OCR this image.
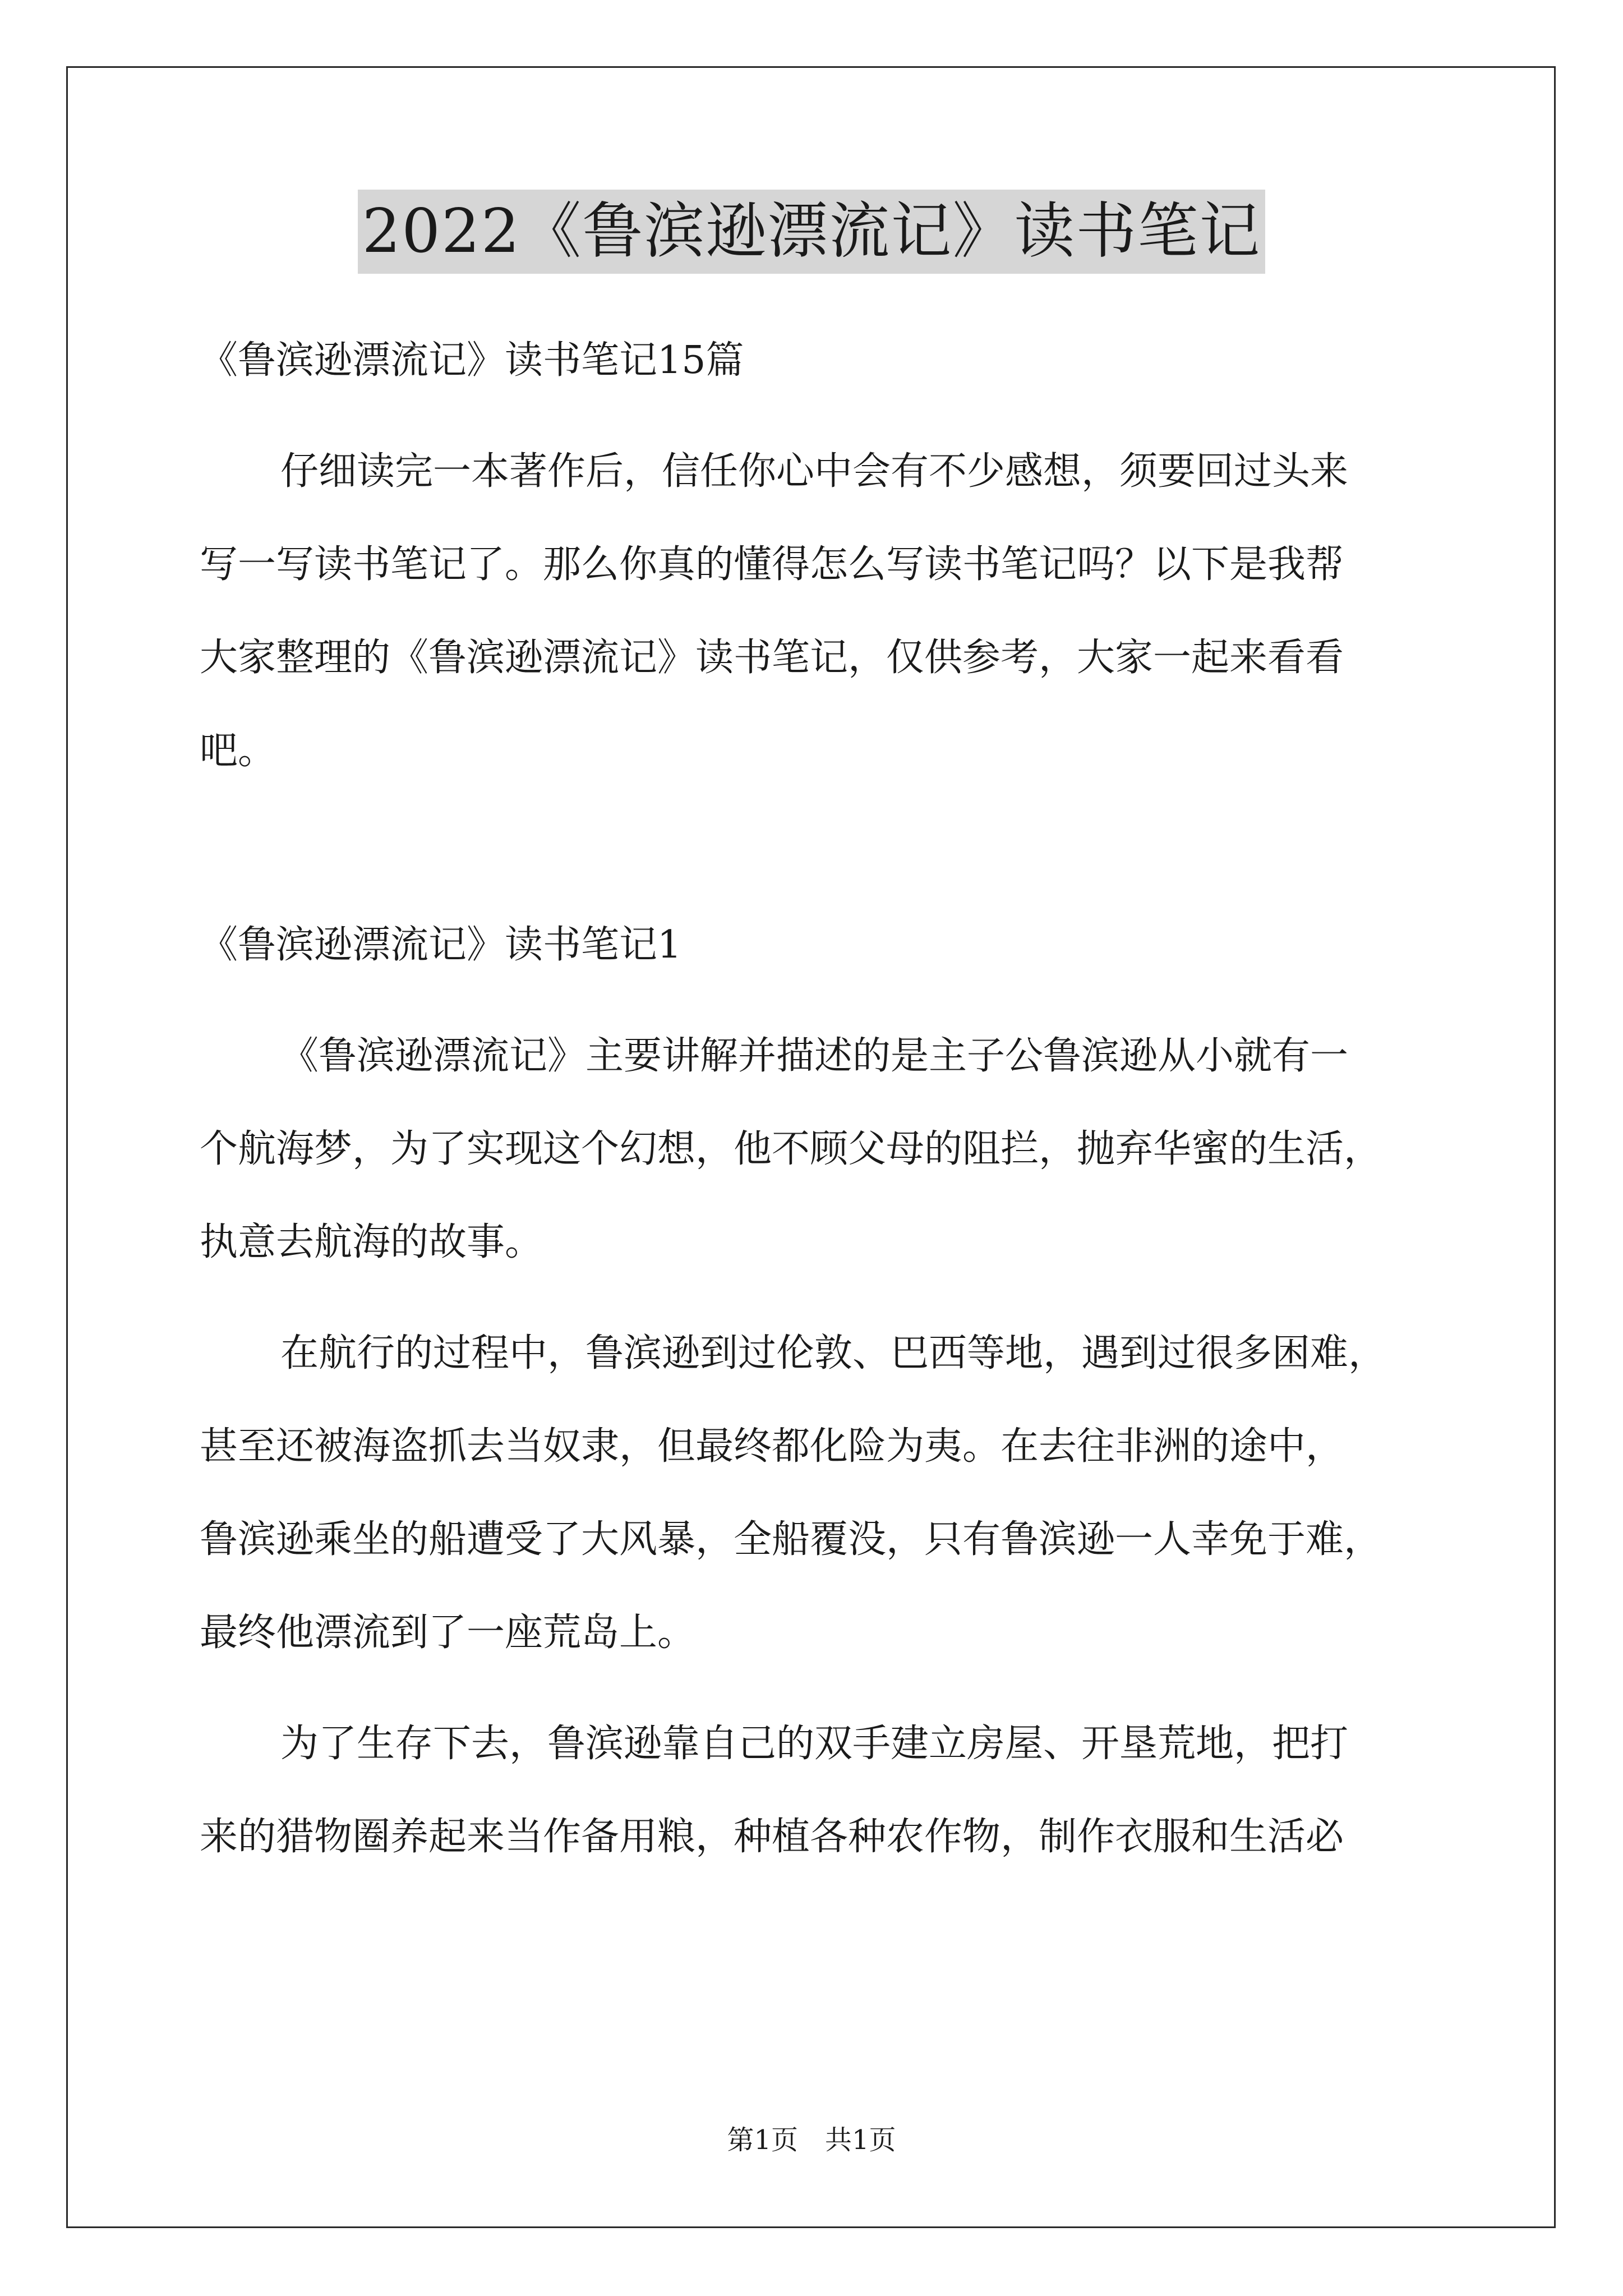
2022《鲁滨逊漂流记》读书笔记

《鲁滨逊漂流记》读书笔记15篇

仔细读完一本著作后，信任你心中会有不少感想，须要回过头来

写一写读书笔记了。那么你真的懂得怎么写读书笔记吗？以下是我帮

大家整理的《鲁滨逊漂流记》读书笔记，仅供参考，大家一起来看看

吧。

《鲁滨逊漂流记》读书笔记1

《鲁滨逊漂流记》主要讲解并描述的是主子公鲁滨逊从小就有一

个航海梦，为了实现这个幻想，他不顾父母的阻拦，抛弃华蜜的生活，

执意去航海的故事。

在航行的过程中，鲁滨逊到过伦敦、巴西等地，遇到过很多困难，

甚至还被海盗抓去当奴隶，但最终都化险为夷。在去往非洲的途中，

鲁滨逊乘坐的船遭受了大风暴，全船覆没，只有鲁滨逊一人幸免于难，

最终他漂流到了一座荒岛上。

为了生存下去，鲁滨逊靠自己的双手建立房屋、开垦荒地，把打

来的猎物圈养起来当作备用粮，种植各种农作物，制作衣服和生活必

第1页　共1页
